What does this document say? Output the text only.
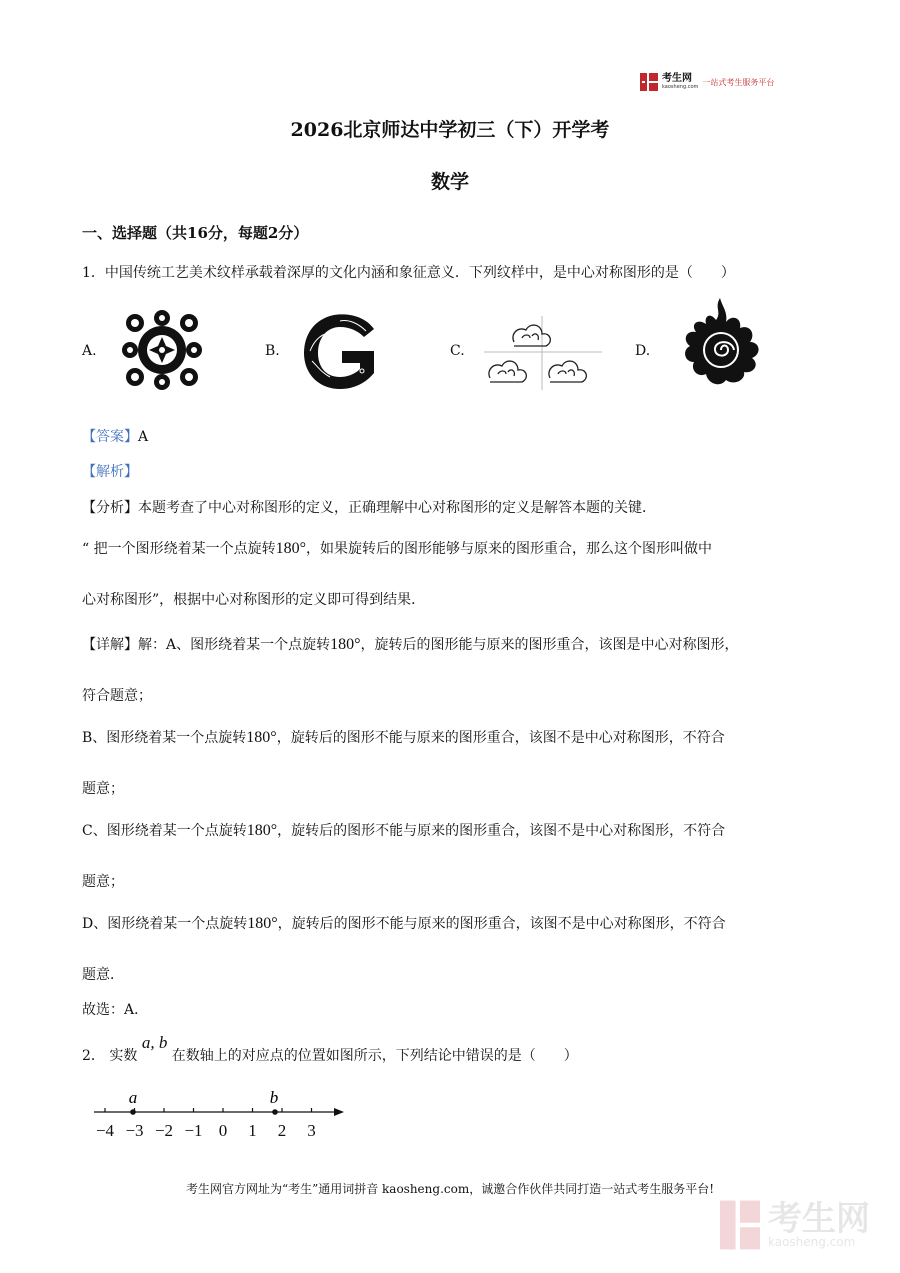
考生网
kaosheng.com
一站式考生服务平台
2026北京师达中学初三（下）开学考
数学
一、选择题（共16分，每题2分）
1．中国传统工艺美术纹样承载着深厚的文化内涵和象征意义．下列纹样中，是中心对称图形的是（　　）
A.	B.	C.	D.
【答案】A
【解析】
【分析】本题考查了中心对称图形的定义，正确理解中心对称图形的定义是解答本题的关键．
“ 把一个图形绕着某一个点旋转180°，如果旋转后的图形能够与原来的图形重合，那么这个图形叫做中
心对称图形”，根据中心对称图形的定义即可得到结果．
【详解】解：A、图形绕着某一个点旋转180°，旋转后的图形能与原来的图形重合，该图是中心对称图形，
符合题意；
B、图形绕着某一个点旋转180°，旋转后的图形不能与原来的图形重合，该图不是中心对称图形，不符合
题意；
C、图形绕着某一个点旋转180°，旋转后的图形不能与原来的图形重合，该图不是中心对称图形，不符合
题意；
D、图形绕着某一个点旋转180°，旋转后的图形不能与原来的图形重合，该图不是中心对称图形，不符合
题意．
故选：A．
2． 实数 a, b 在数轴上的对应点的位置如图所示，下列结论中错误的是（　　）
−4 −3 −2 −1 0 1 2 3
a	b
考生网官方网址为“考生”通用词拼音 kaosheng.com，诚邀合作伙伴共同打造一站式考生服务平台!
考生网
kaosheng.com
